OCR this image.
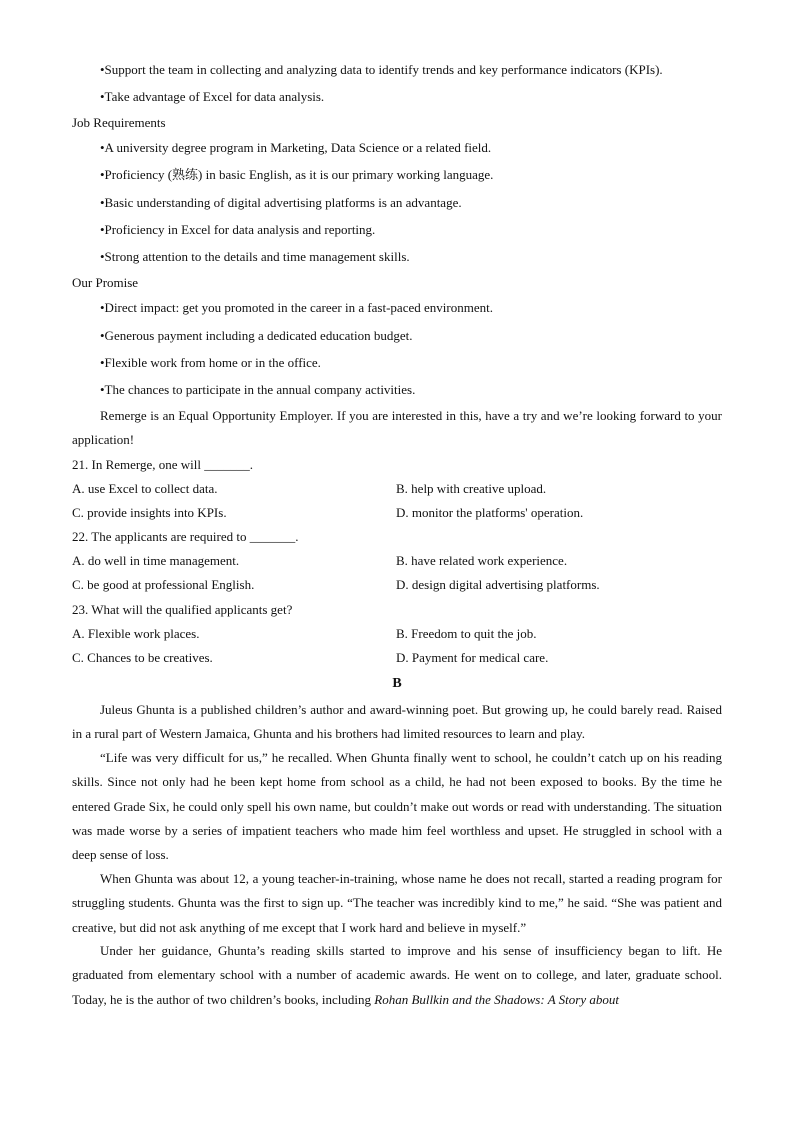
•Support the team in collecting and analyzing data to identify trends and key performance indicators (KPIs).
•Take advantage of Excel for data analysis.
Job Requirements
•A university degree program in Marketing, Data Science or a related field.
•Proficiency (熟练) in basic English, as it is our primary working language.
•Basic understanding of digital advertising platforms is an advantage.
•Proficiency in Excel for data analysis and reporting.
•Strong attention to the details and time management skills.
Our Promise
•Direct impact: get you promoted in the career in a fast-paced environment.
•Generous payment including a dedicated education budget.
•Flexible work from home or in the office.
•The chances to participate in the annual company activities.
Remerge is an Equal Opportunity Employer. If you are interested in this, have a try and we’re looking forward to your application!
21. In Remerge, one will _______.
A. use Excel to collect data.	B. help with creative upload.
C. provide insights into KPIs.	D. monitor the platforms' operation.
22. The applicants are required to _______.
A. do well in time management.	B. have related work experience.
C. be good at professional English.	D. design digital advertising platforms.
23. What will the qualified applicants get?
A. Flexible work places.	B. Freedom to quit the job.
C. Chances to be creatives.	D. Payment for medical care.
B
Juleus Ghunta is a published children’s author and award-winning poet. But growing up, he could barely read. Raised in a rural part of Western Jamaica, Ghunta and his brothers had limited resources to learn and play.
“Life was very difficult for us,” he recalled. When Ghunta finally went to school, he couldn’t catch up on his reading skills. Since not only had he been kept home from school as a child, he had not been exposed to books. By the time he entered Grade Six, he could only spell his own name, but couldn’t make out words or read with understanding. The situation was made worse by a series of impatient teachers who made him feel worthless and upset. He struggled in school with a deep sense of loss.
When Ghunta was about 12, a young teacher-in-training, whose name he does not recall, started a reading program for struggling students. Ghunta was the first to sign up. “The teacher was incredibly kind to me,” he said. “She was patient and creative, but did not ask anything of me except that I work hard and believe in myself.”
Under her guidance, Ghunta’s reading skills started to improve and his sense of insufficiency began to lift. He graduated from elementary school with a number of academic awards. He went on to college, and later, graduate school. Today, he is the author of two children’s books, including Rohan Bullkin and the Shadows: A Story about
